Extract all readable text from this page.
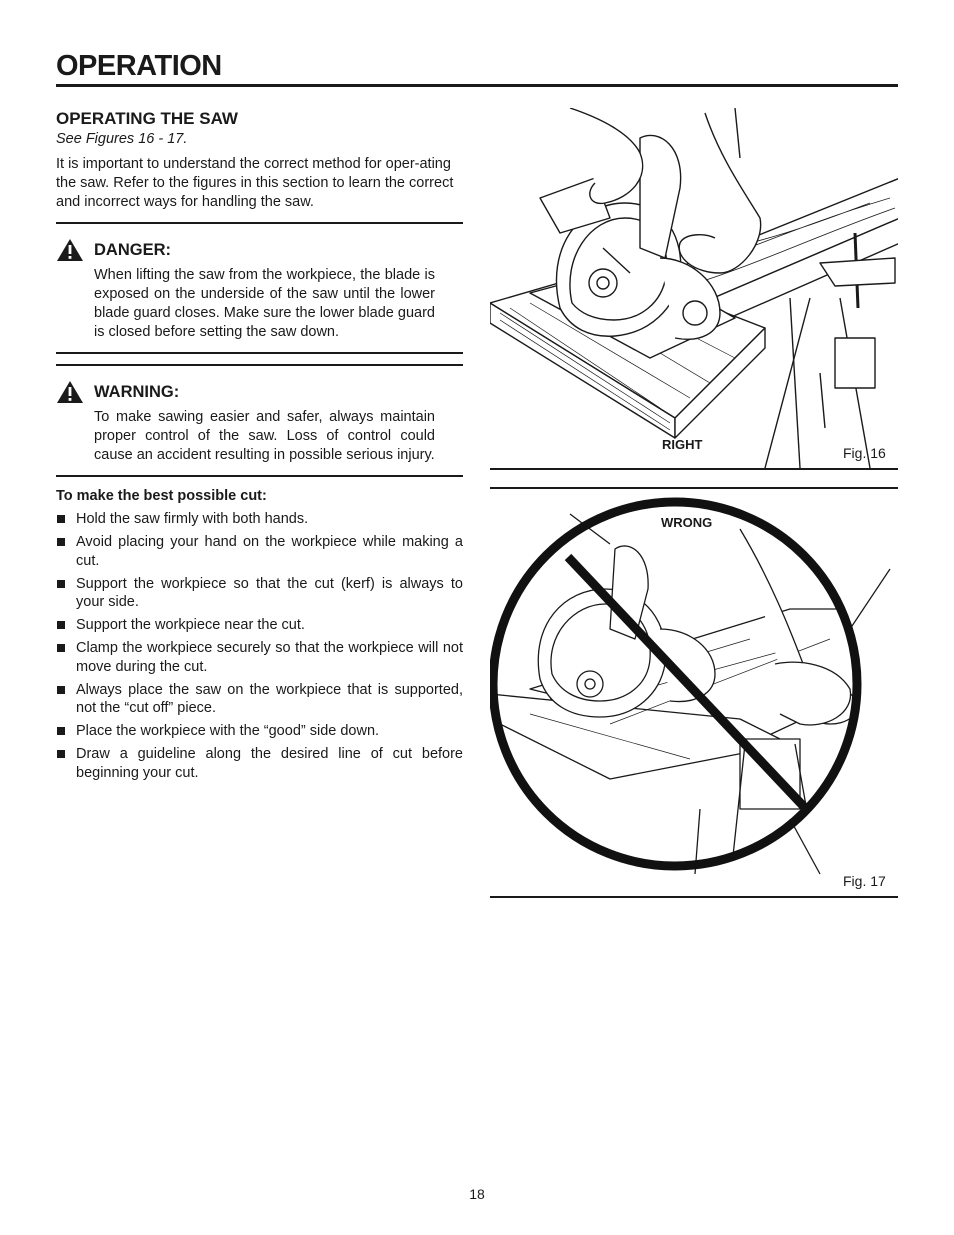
OPERATION
OPERATING THE SAW

See Figures 16 - 17.

It is important to understand the correct method for oper-ating the saw. Refer to the figures in this section to learn the correct and incorrect ways for handling the saw.

DANGER:
When lifting the saw from the workpiece, the blade is exposed on the underside of the saw until the lower blade guard closes. Make sure the lower blade guard is closed before setting the saw down.
WARNING:
To make sawing easier and safer, always maintain proper control of the saw. Loss of control could cause an accident resulting in possible serious injury.

To make the best possible cut:

Hold the saw firmly with both hands.
Avoid placing your hand on the workpiece while making a cut.
Support the workpiece so that the cut (kerf) is always to your side.
Support the workpiece near the cut.
Clamp the workpiece securely so that the workpiece will not move during the cut.
Always place the saw on the workpiece that is supported, not the “cut off” piece.
Place the workpiece with the “good” side down.
Draw a guideline along the desired line of cut before beginning your cut.
RIGHT
Fig. 16
WRONG
Fig. 17
18
